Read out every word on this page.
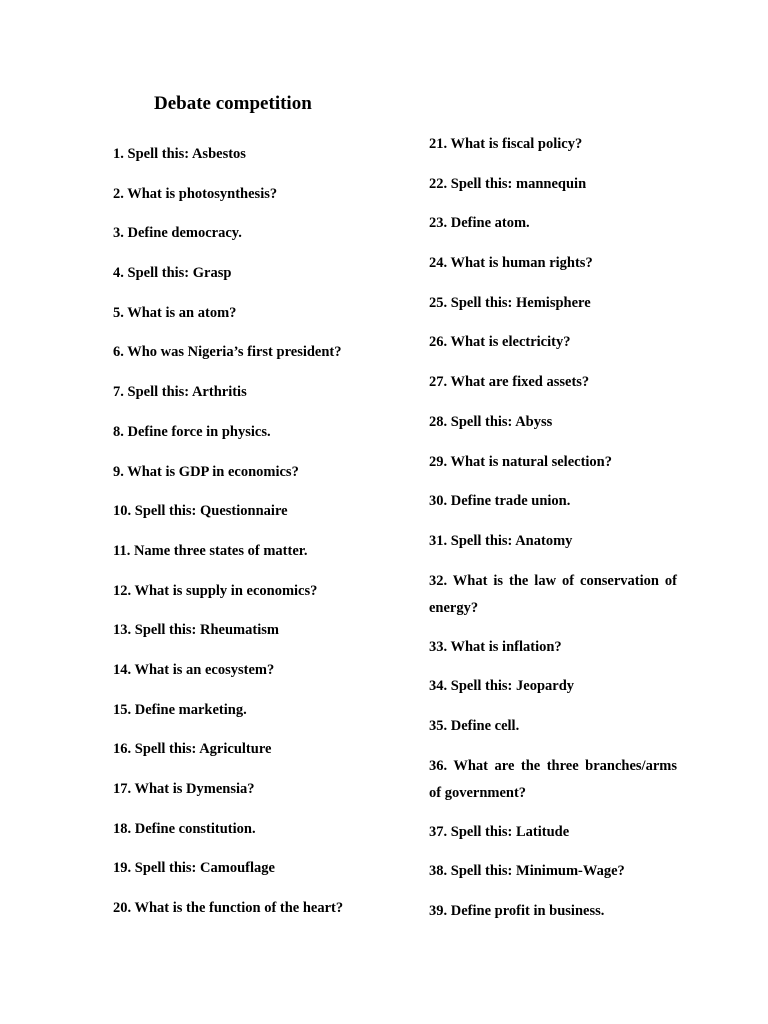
Debate competition
1. Spell this: Asbestos
2. What is photosynthesis?
3. Define democracy.
4. Spell this: Grasp
5. What is an atom?
6. Who was Nigeria’s first president?
7. Spell this: Arthritis
8. Define force in physics.
9. What is GDP in economics?
10. Spell this: Questionnaire
11. Name three states of matter.
12. What is supply in economics?
13. Spell this: Rheumatism
14. What is an ecosystem?
15. Define marketing.
16. Spell this: Agriculture
17. What is Dymensia?
18. Define constitution.
19. Spell this: Camouflage
20. What is the function of the heart?
21. What is fiscal policy?
22. Spell this: mannequin
23. Define atom.
24. What is human rights?
25. Spell this: Hemisphere
26. What is electricity?
27. What are fixed assets?
28. Spell this: Abyss
29. What is natural selection?
30. Define trade union.
31. Spell this: Anatomy
32. What is the law of conservation of energy?
33. What is inflation?
34. Spell this: Jeopardy
35. Define cell.
36. What are the three branches/arms of government?
37. Spell this: Latitude
38. Spell this: Minimum-Wage?
39. Define profit in business.
